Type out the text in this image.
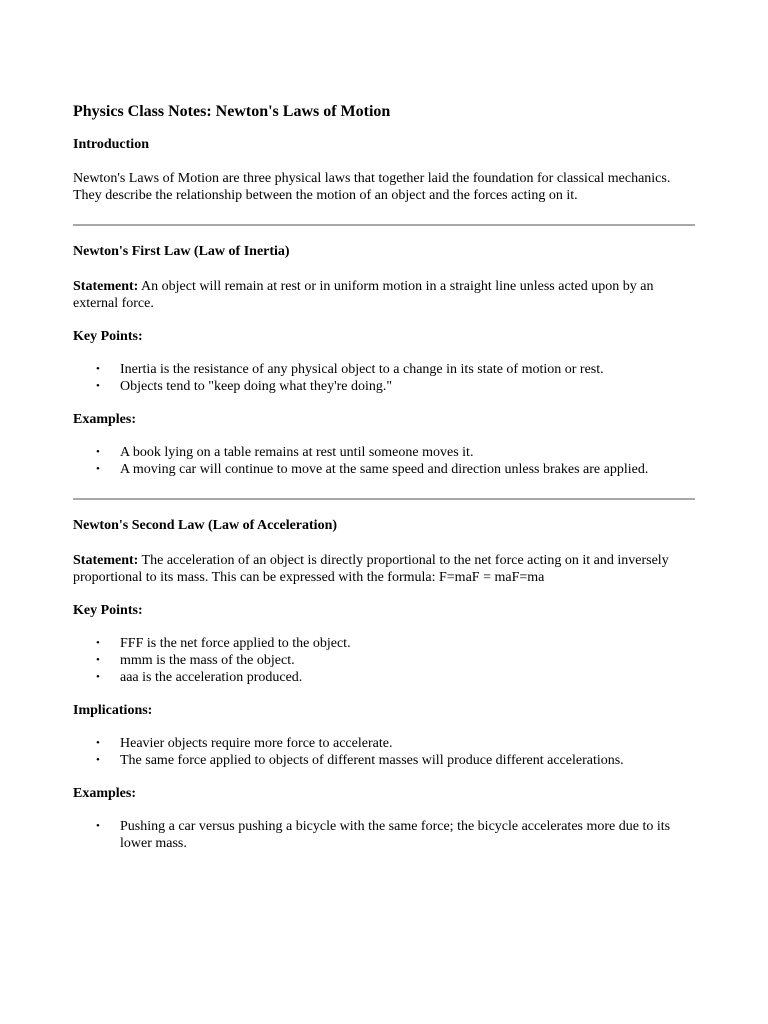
Physics Class Notes: Newton's Laws of Motion
Introduction

Newton's Laws of Motion are three physical laws that together laid the foundation for classical mechanics. They describe the relationship between the motion of an object and the forces acting on it.

Newton's First Law (Law of Inertia)

Statement: An object will remain at rest or in uniform motion in a straight line unless acted upon by an external force.

Key Points:
• Inertia is the resistance of any physical object to a change in its state of motion or rest.
• Objects tend to "keep doing what they're doing."
Examples:
• A book lying on a table remains at rest until someone moves it.
• A moving car will continue to move at the same speed and direction unless brakes are applied.
Newton's Second Law (Law of Acceleration)

Statement: The acceleration of an object is directly proportional to the net force acting on it and inversely proportional to its mass. This can be expressed with the formula: F=maF = maF=ma

Key Points:
• FFF is the net force applied to the object.
• mmm is the mass of the object.
• aaa is the acceleration produced.
Implications:
• Heavier objects require more force to accelerate.
• The same force applied to objects of different masses will produce different accelerations.
Examples:
• Pushing a car versus pushing a bicycle with the same force; the bicycle accelerates more due to its lower mass.
